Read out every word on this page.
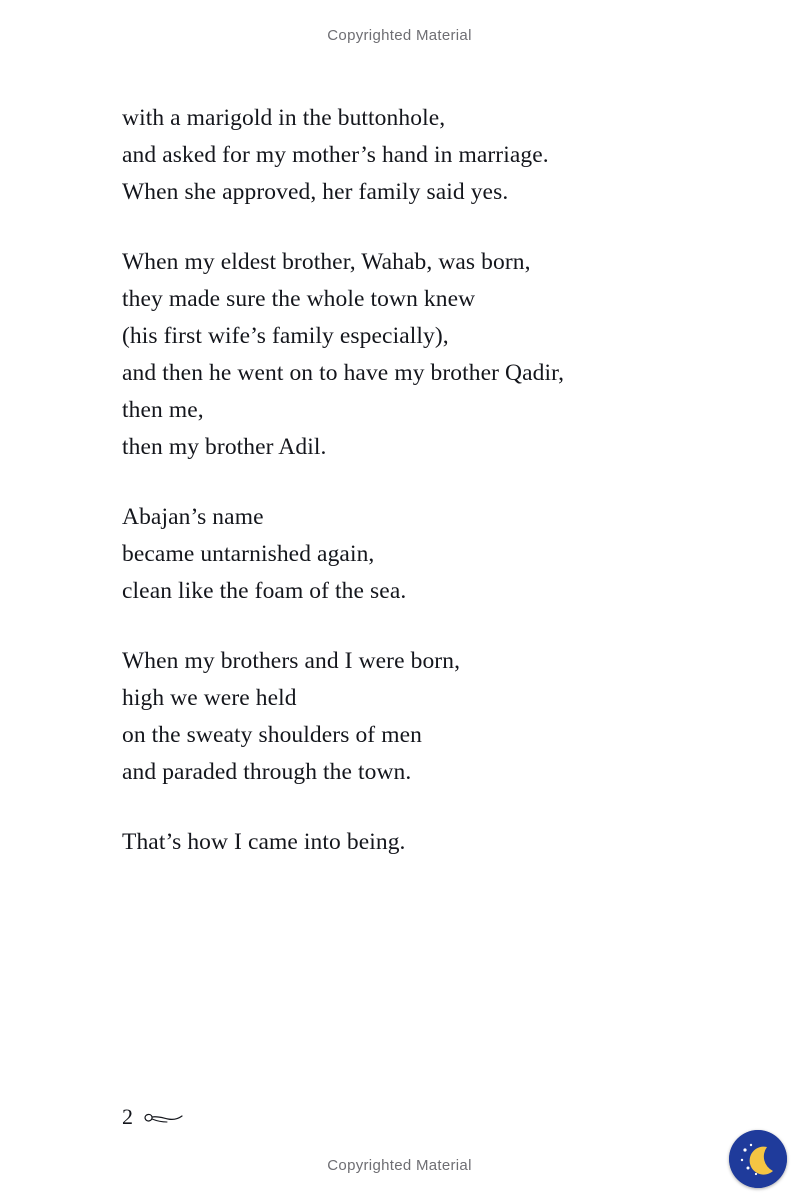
Copyrighted Material
with a marigold in the buttonhole,
and asked for my mother’s hand in marriage.
When she approved, her family said yes.
When my eldest brother, Wahab, was born,
they made sure the whole town knew
(his first wife’s family especially),
and then he went on to have my brother Qadir,
then me,
then my brother Adil.
Abajan’s name
became untarnished again,
clean like the foam of the sea.
When my brothers and I were born,
high we were held
on the sweaty shoulders of men
and paraded through the town.
That’s how I came into being.
2
Copyrighted Material
